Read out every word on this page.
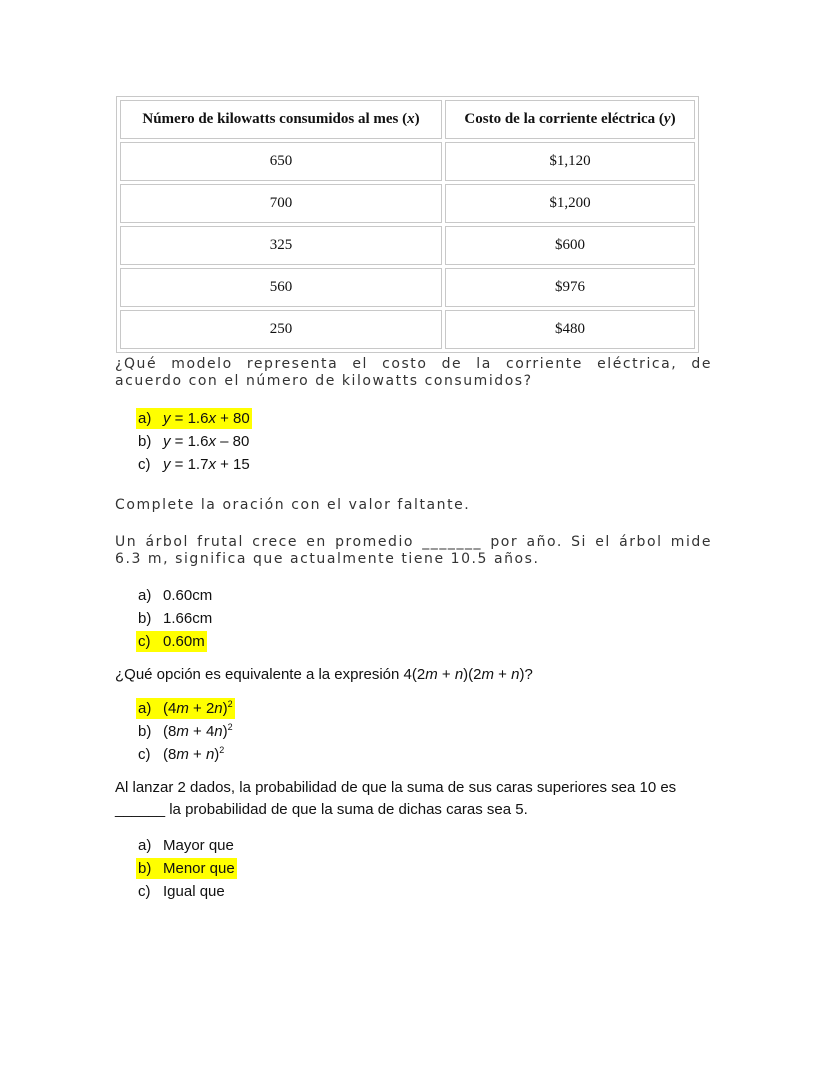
Número de kilowatts consumidos al mes (x)	Costo de la corriente eléctrica (y)
650	$1,120
700	$1,200
325	$600
560	$976
250	$480
¿Qué modelo representa el costo de la corriente eléctrica, de acuerdo con el número de kilowatts consumidos?
a) y = 1.6x + 80
b) y = 1.6x – 80
c) y = 1.7x + 15
Complete la oración con el valor faltante.
Un árbol frutal crece en promedio _______ por año. Si el árbol mide 6.3 m, significa que actualmente tiene 10.5 años.
a) 0.60cm
b) 1.66cm
c) 0.60m
¿Qué opción es equivalente a la expresión 4(2m + n)(2m + n)?
a) $(4m + 2n)^2$
b) $(8m + 4n)^2$
c) $(8m + n)^2$
Al lanzar 2 dados, la probabilidad de que la suma de sus caras superiores sea 10 es ______ la probabilidad de que la suma de dichas caras sea 5.
a) Mayor que
b) Menor que
c) Igual que
